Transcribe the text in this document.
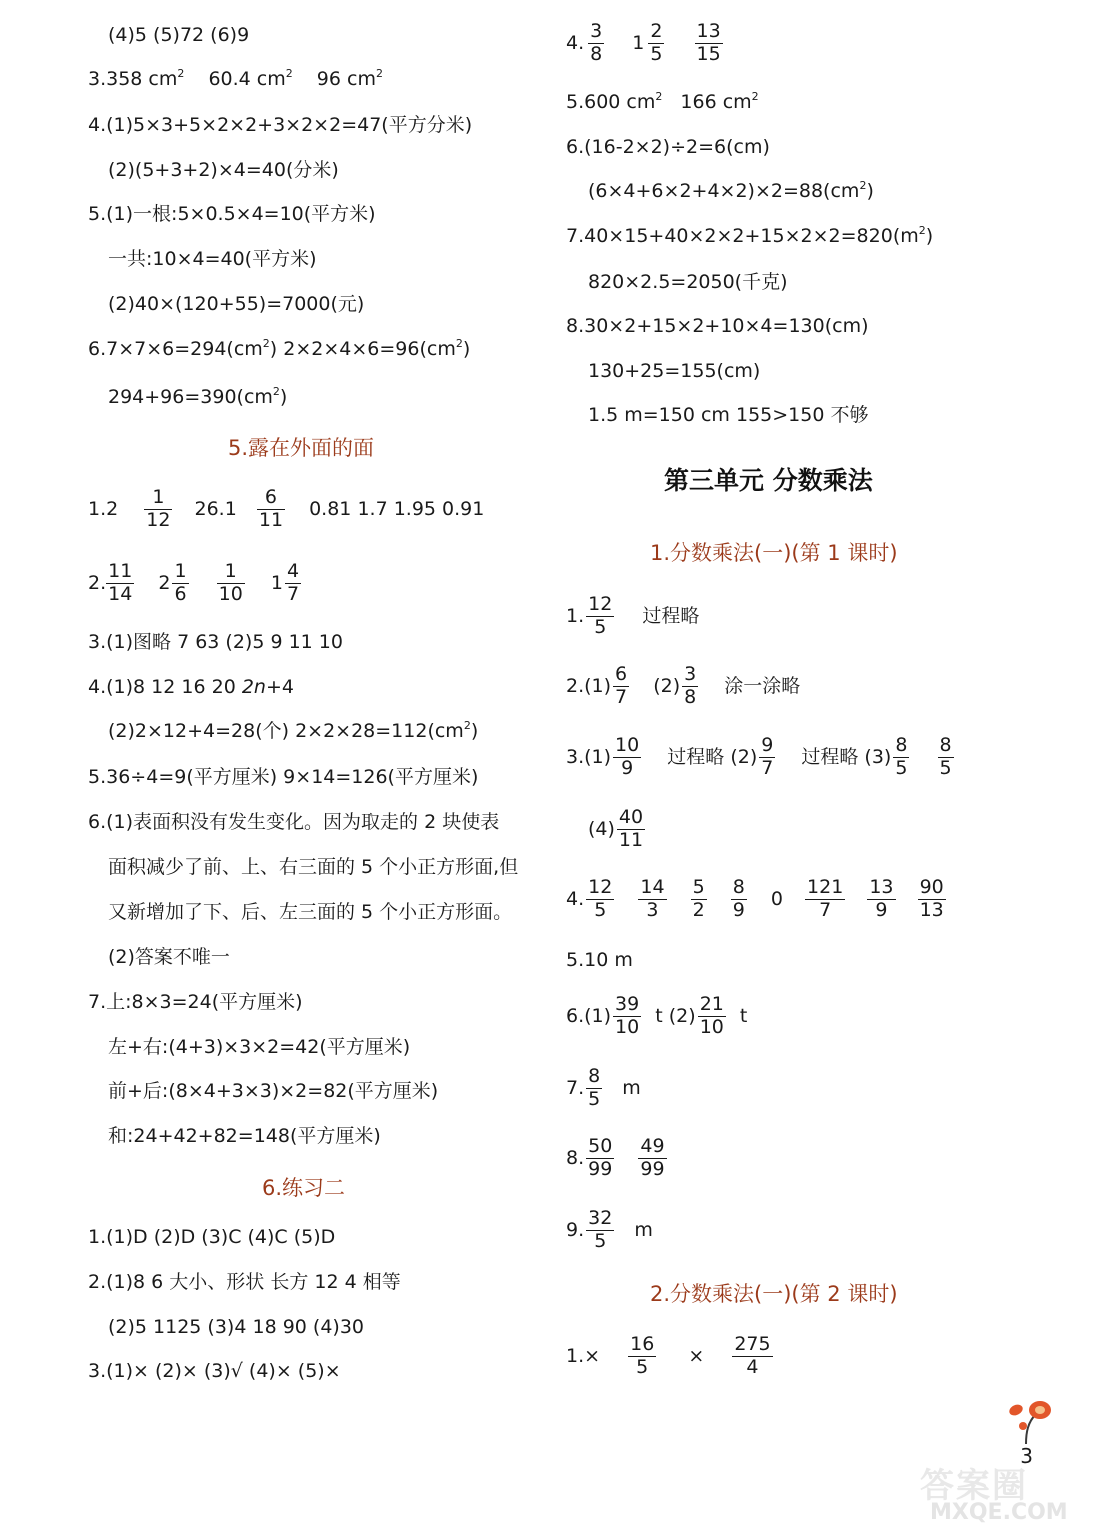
(4)5 (5)72 (6)9
3.358 $cm^2$ 60.4 $cm^2$ 96 $cm^2$
4.(1)5×3+5×2×2+3×2×2=47(平方分米)
(2)(5+3+2)×4=40(分米)
5.(1)一根:5×0.5×4=10(平方米)
一共:10×4=40(平方米)
(2)40×(120+55)=7000(元)
$6.7\times 7\times 6=294(cm^2)$ $2\times 2\times 4\times 6=96(cm^2)$
$294+96=390(cm^2)$
5.露在外面的面
$1.2 \frac{1}{12} 26.1 \frac{6}{11} 0.81$ 1.7 1.95 0.91
2. $\frac{11}{14} 2 \frac{1}{6}$
$\frac{1}{10} 1 \frac{4}{7}$
3.(1)图略 7 63 (2)5 9 11 10
4.(1)8 12 16 20 2n+4
(2)2×12+4=28(个) $2\times 2\times 28=112(cm^2)$
5.36÷4=9(平方厘米) 9×14=126(平方厘米)
6.(1)表面积没有发生变化。因为取走的 2 块使表
面积减少了前、上、右三面的 5 个小正方形面,但
又新增加了下、后、左三面的 5 个小正方形面。
(2)答案不唯一
7.上:8×3=24(平方厘米)
左+右:(4+3)×3×2=42(平方厘米)
前+后:(8×4+3×3)×2=82(平方厘米)
和:24+42+82=148(平方厘米)
6.练习二
1.(1)D (2)D (3)C (4)C (5)D
2.(1)8 6 大小、形状 长方 12 4 相等
(2)5 1125 (3)4 18 90 (4)30
3.(1)× (2)× (3)√ (4)× (5)×
4. $\frac{3}{8} 1 \frac{2}{5}$
$\frac{13}{15}$
5.600 $cm^2$ 166 $cm^2$
6.(16-2×2)÷2=6(cm)
$(6\times 4+6\times 2+4\times 2)\times 2=88(cm^2)$
$7.40\times 15+40\times 2\times 2+15\times 2\times 2=820(m^2)$
820×2.5=2050(千克)
8.30×2+15×2+10×4=130(cm)
130+25=155(cm)
1.5 m=150 cm 155>150 不够
第三单元 分数乘法
1.分数乘法(一)(第 1 课时)
1. $\frac{12}{5}$ 过程略
$2.(1) \frac{6}{7} (2) \frac{3}{8}$ 涂一涂略
$3.(1) \frac{10}{9}$ 过程略 $(2) \frac{9}{7}$ 过程略 $(3) \frac{8}{5}$
$\frac{8}{5}$
$(4) \frac{40}{11}$
4. $\frac{12}{5}$
$\frac{14}{3}$
$\frac{5}{2}$
$\frac{8}{9} 0 \frac{121}{7}$
$\frac{13}{9}$
$\frac{90}{13}$
5.10 m
$6.(1) \frac{39}{10}$ t $(2) \frac{21}{10}$ t
7. $\frac{8}{5}$ m
8. $\frac{50}{99}$
$\frac{49}{99}$
9. $\frac{32}{5}$ m
2.分数乘法(一)(第 2 课时)
$1.\times \frac{16}{5} \times \frac{275}{4}$
3
答案圈
MXQE.COM
